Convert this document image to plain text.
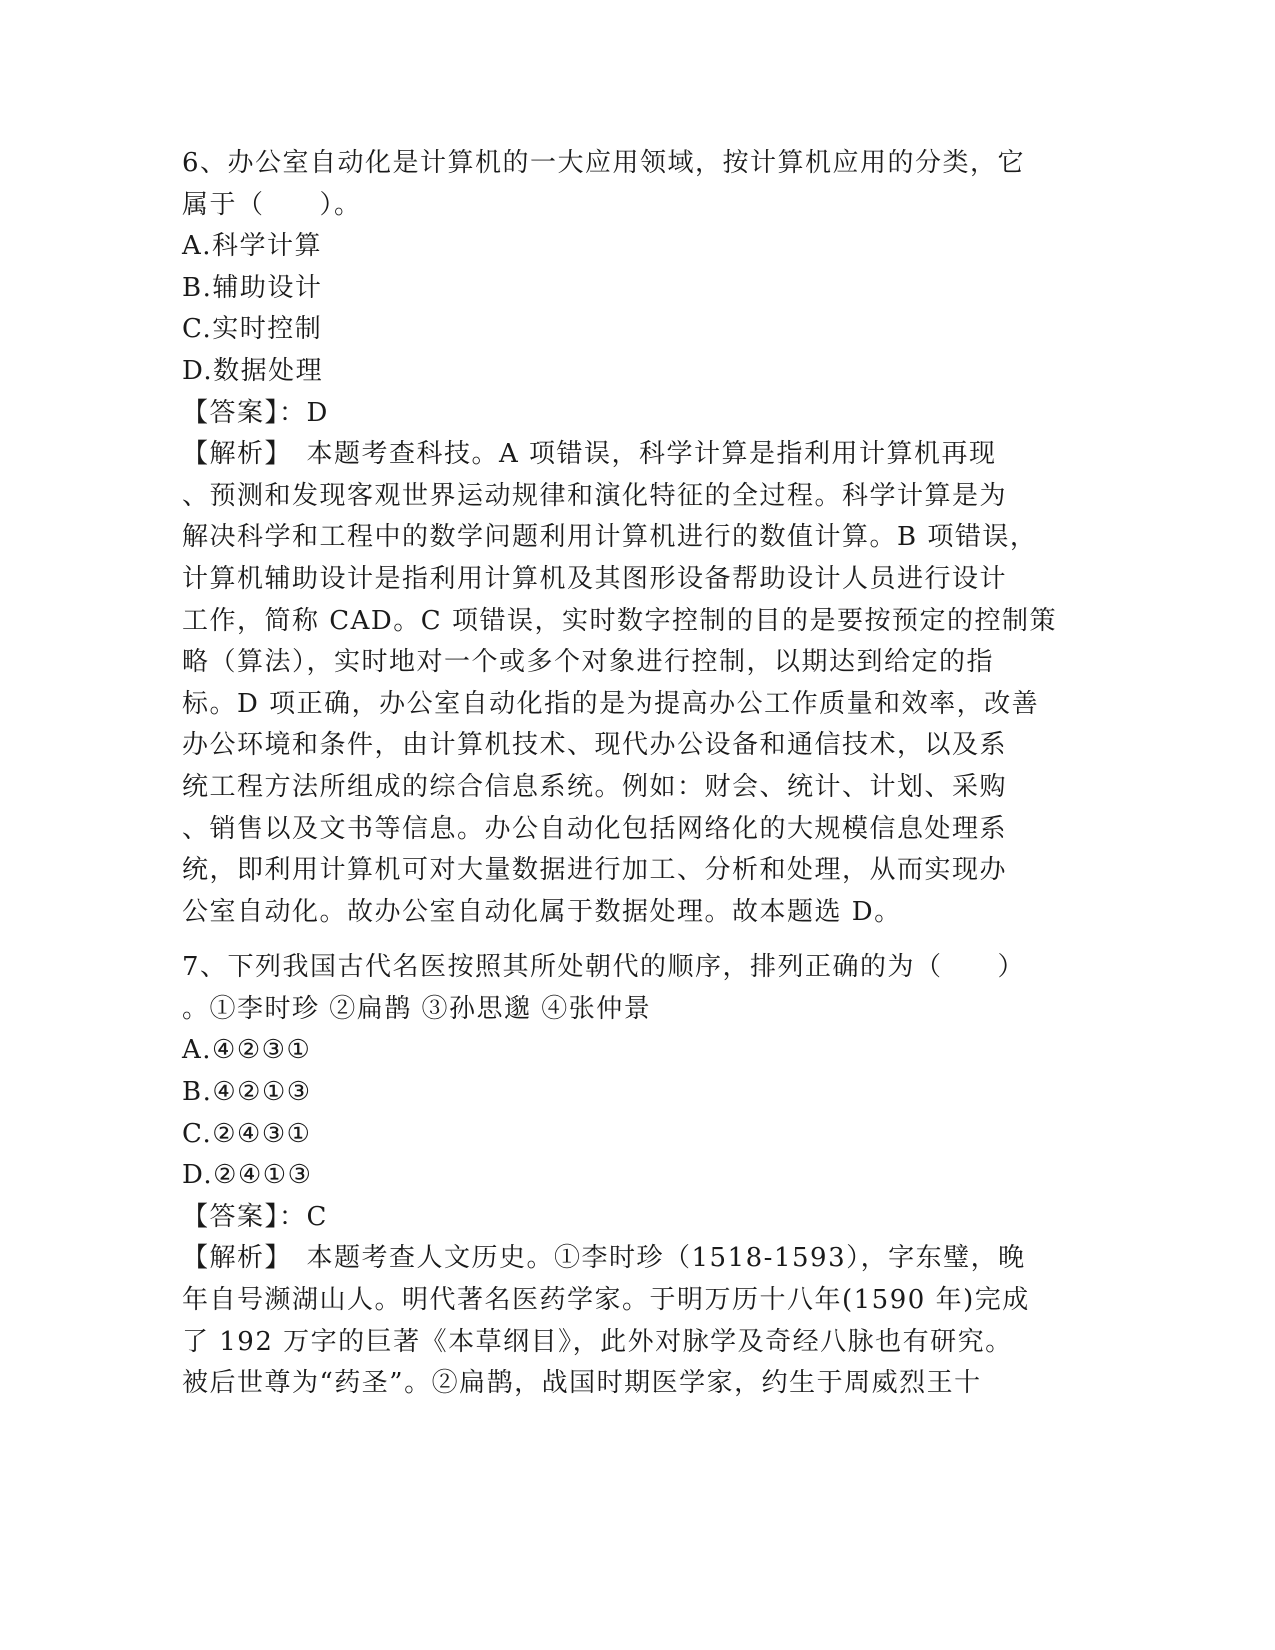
6、办公室自动化是计算机的一大应用领域，按计算机应用的分类，它
属于（　　）。
A.科学计算
B.辅助设计
C.实时控制
D.数据处理
【答案】：D
【解析】　本题考查科技。A 项错误，科学计算是指利用计算机再现
、预测和发现客观世界运动规律和演化特征的全过程。科学计算是为
解决科学和工程中的数学问题利用计算机进行的数值计算。B 项错误，
计算机辅助设计是指利用计算机及其图形设备帮助设计人员进行设计
工作，简称 CAD。C 项错误，实时数字控制的目的是要按预定的控制策
略（算法），实时地对一个或多个对象进行控制，以期达到给定的指
标。D 项正确，办公室自动化指的是为提高办公工作质量和效率，改善
办公环境和条件，由计算机技术、现代办公设备和通信技术，以及系
统工程方法所组成的综合信息系统。例如：财会、统计、计划、采购
、销售以及文书等信息。办公自动化包括网络化的大规模信息处理系
统，即利用计算机可对大量数据进行加工、分析和处理，从而实现办
公室自动化。故办公室自动化属于数据处理。故本题选 D。
7、下列我国古代名医按照其所处朝代的顺序，排列正确的为（　　）
。①李时珍 ②扁鹊 ③孙思邈 ④张仲景
A.④②③①
B.④②①③
C.②④③①
D.②④①③
【答案】：C
【解析】　本题考查人文历史。①李时珍（1518-1593），字东璧，晚
年自号濒湖山人。明代著名医药学家。于明万历十八年(1590 年)完成
了 192 万字的巨著《本草纲目》，此外对脉学及奇经八脉也有研究。
被后世尊为“药圣”。②扁鹊，战国时期医学家，约生于周威烈王十
